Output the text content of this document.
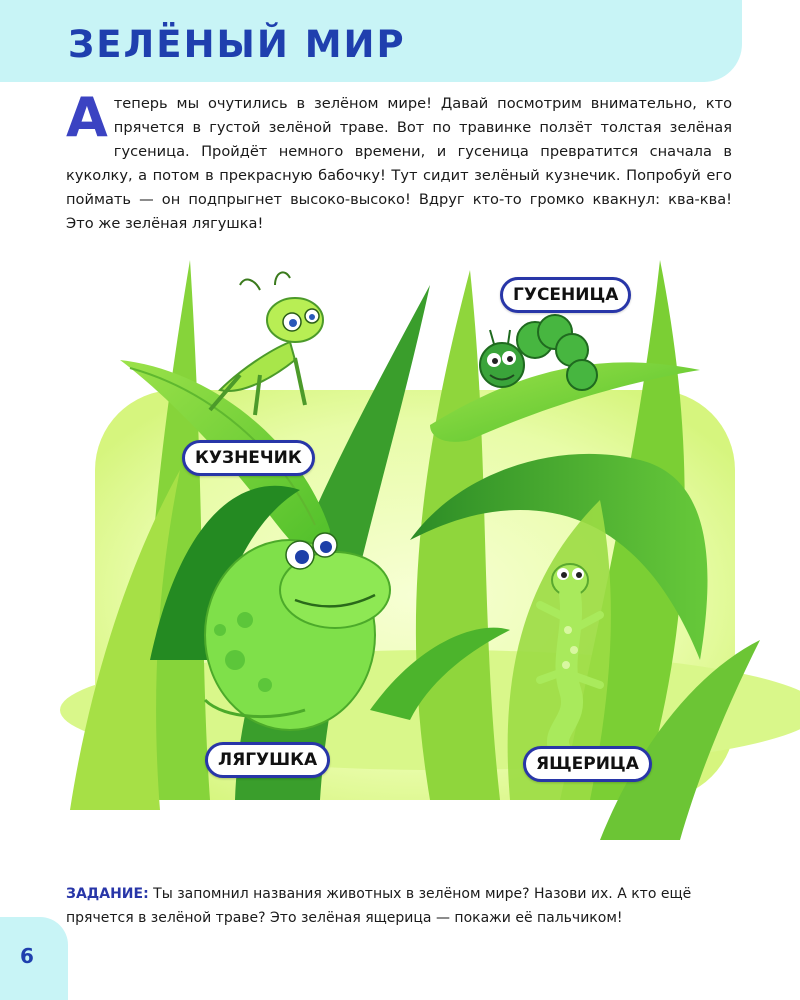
ЗЕЛЁНЫЙ МИР

А теперь мы очутились в зелёном мире! Давай посмотрим внимательно, кто прячется в густой зелёной траве. Вот по травинке ползёт толстая зелёная гусеница. Пройдёт немного времени, и гусеница превратится сначала в куколку, а потом в прекрасную бабочку! Тут сидит зелёный кузнечик. Попробуй его поймать — он подпрыгнет высоко-высоко! Вдруг кто-то громко квакнул: ква-ква! Это же зелёная лягушка!

КУЗНЕЧИК
ГУСЕНИЦА
ЛЯГУШКА	ЯЩЕРИЦА

ЗАДАНИЕ: Ты запомнил названия животных в зелёном мире? Назови их. А кто ещё прячется в зелёной траве? Это зелёная ящерица — покажи её пальчиком!

6
